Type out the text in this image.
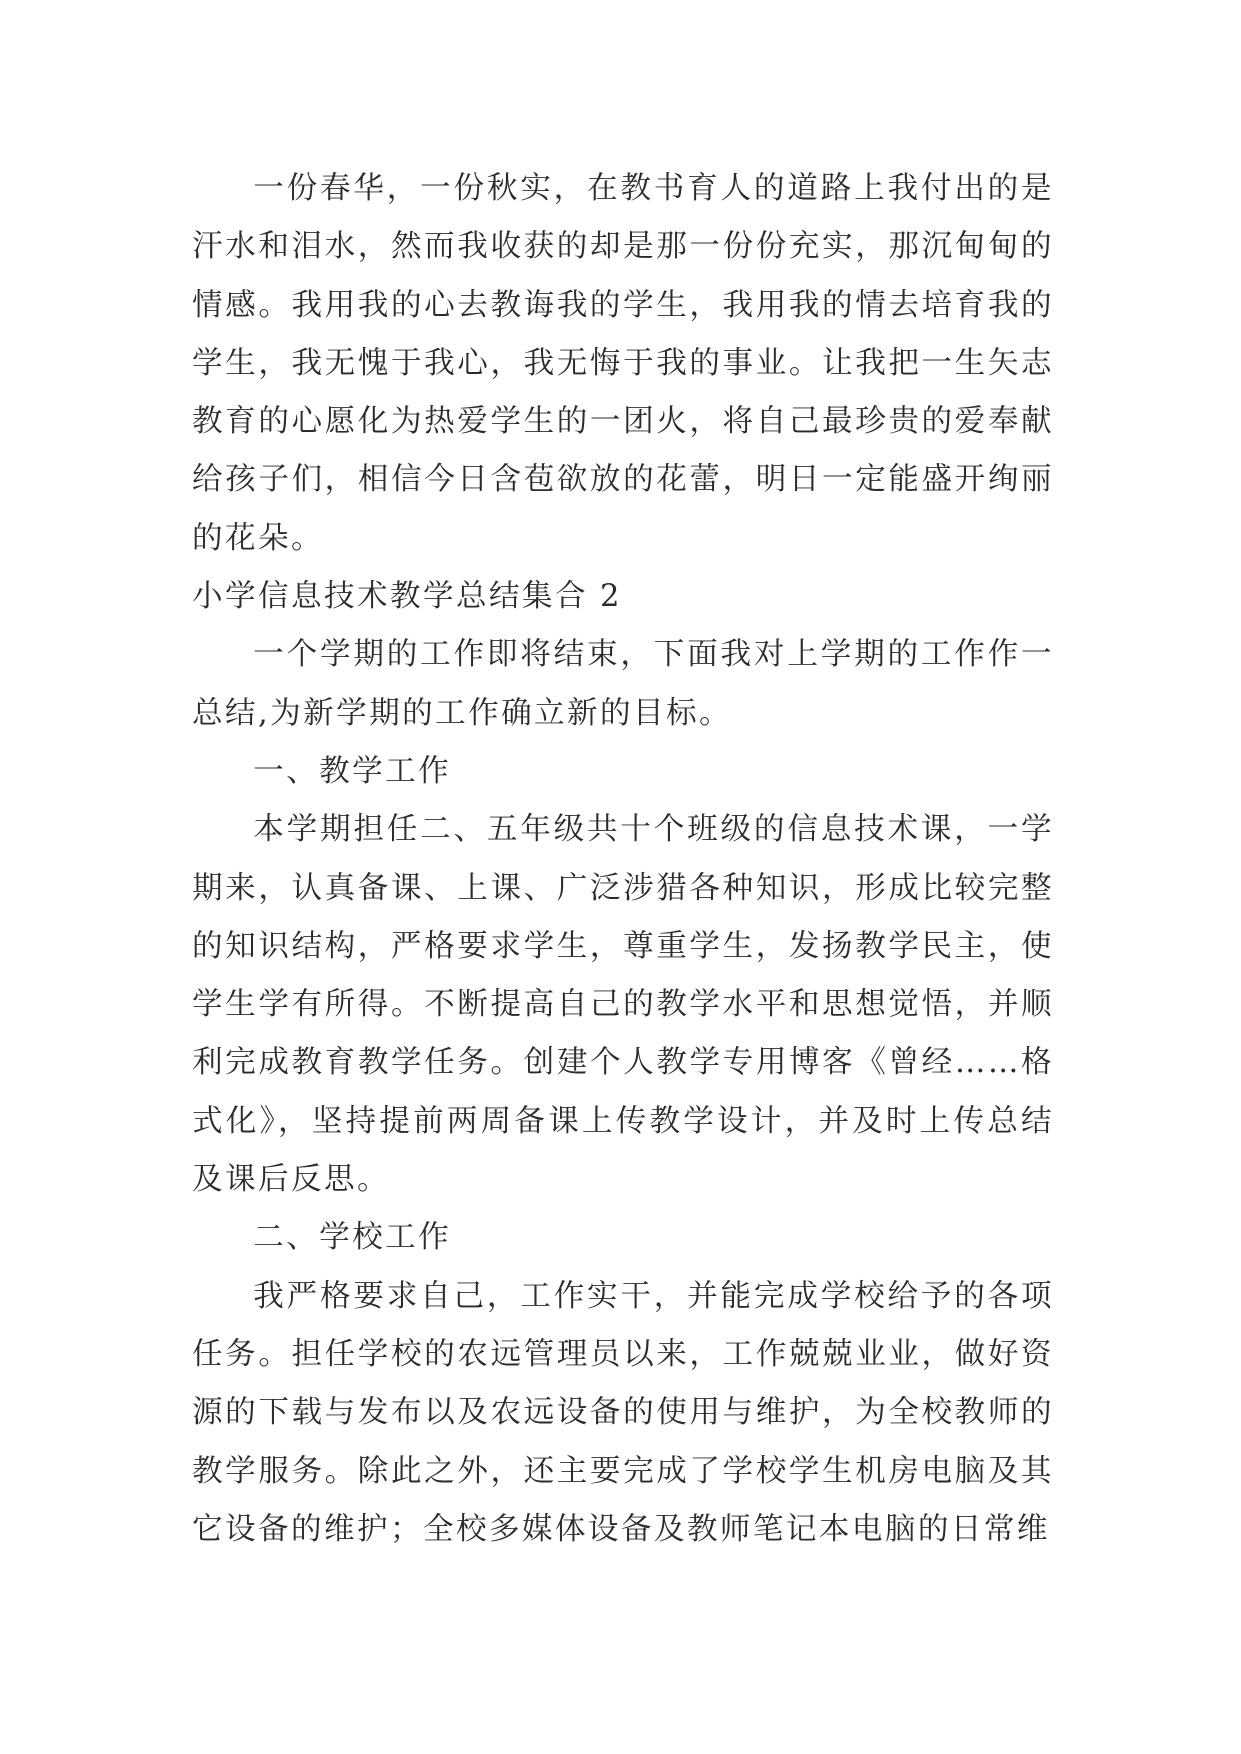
一份春华，一份秋实，在教书育人的道路上我付出的是汗水和泪水，然而我收获的却是那一份份充实，那沉甸甸的情感。我用我的心去教诲我的学生，我用我的情去培育我的学生，我无愧于我心，我无悔于我的事业。让我把一生矢志教育的心愿化为热爱学生的一团火，将自己最珍贵的爱奉献给孩子们，相信今日含苞欲放的花蕾，明日一定能盛开绚丽的花朵。

小学信息技术教学总结集合 2

一个学期的工作即将结束，下面我对上学期的工作作一总结,为新学期的工作确立新的目标。

一、教学工作

本学期担任二、五年级共十个班级的信息技术课，一学期来，认真备课、上课、广泛涉猎各种知识，形成比较完整的知识结构，严格要求学生，尊重学生，发扬教学民主，使学生学有所得。不断提高自己的教学水平和思想觉悟，并顺利完成教育教学任务。创建个人教学专用博客《曾经……格式化》，坚持提前两周备课上传教学设计，并及时上传总结及课后反思。

二、学校工作

我严格要求自己，工作实干，并能完成学校给予的各项任务。担任学校的农远管理员以来，工作兢兢业业，做好资源的下载与发布以及农远设备的使用与维护，为全校教师的教学服务。除此之外，还主要完成了学校学生机房电脑及其它设备的维护；全校多媒体设备及教师笔记本电脑的日常维
